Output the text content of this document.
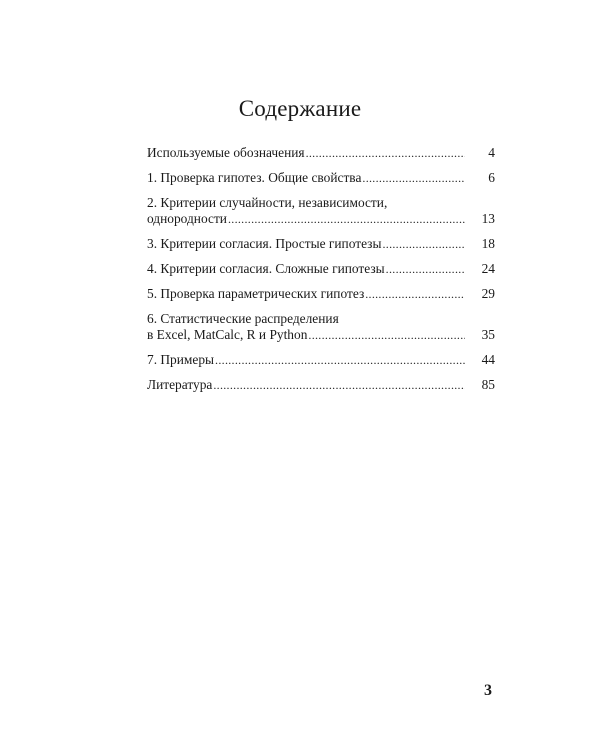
Содержание
Используемые обозначения .....	4
1. Проверка гипотез. Общие свойства .....	6
2. Критерии случайности, независимости,
однородности .....	13
3. Критерии согласия. Простые гипотезы .....	18
4. Критерии согласия. Сложные гипотезы .....	24
5. Проверка параметрических гипотез .....	29
6. Статистические распределения
в Excel, MatCalc, R и Python .....	35
7. Примеры .....	44
Литература .....	85
3
